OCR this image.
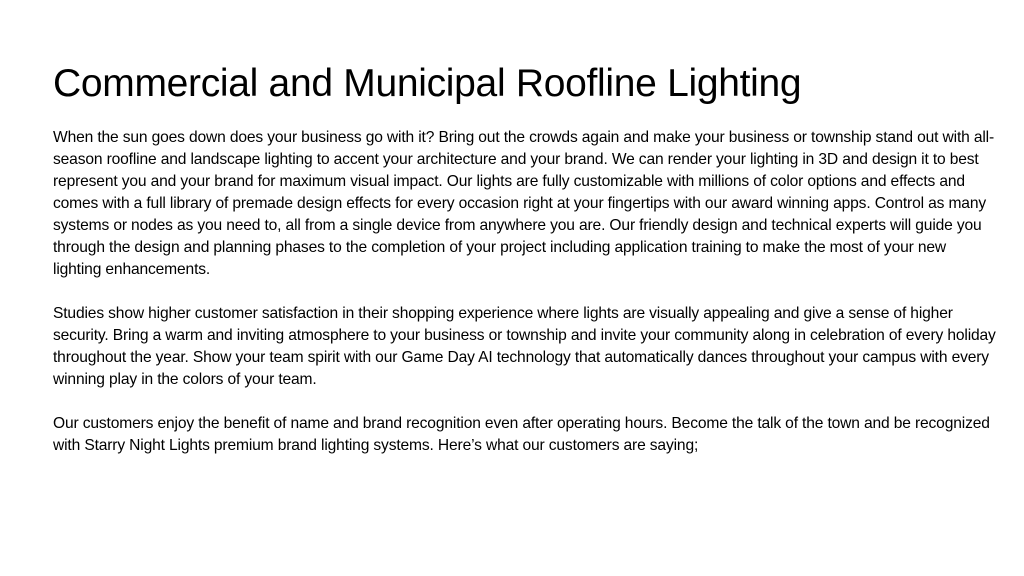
Commercial and Municipal Roofline Lighting

When the sun goes down does your business go with it? Bring out the crowds again and make your business or township stand out with all-season roofline and landscape lighting to accent your architecture and your brand. We can render your lighting in 3D and design it to best represent you and your brand for maximum visual impact. Our lights are fully customizable with millions of color options and effects and comes with a full library of premade design effects for every occasion right at your fingertips with our award winning apps. Control as many systems or nodes as you need to, all from a single device from anywhere you are. Our friendly design and technical experts will guide you through the design and planning phases to the completion of your project including application training to make the most of your new lighting enhancements.

Studies show higher customer satisfaction in their shopping experience where lights are visually appealing and give a sense of higher security. Bring a warm and inviting atmosphere to your business or township and invite your community along in celebration of every holiday throughout the year. Show your team spirit with our Game Day AI technology that automatically dances throughout your campus with every winning play in the colors of your team.

Our customers enjoy the benefit of name and brand recognition even after operating hours. Become the talk of the town and be recognized with Starry Night Lights premium brand lighting systems. Here’s what our customers are saying;
